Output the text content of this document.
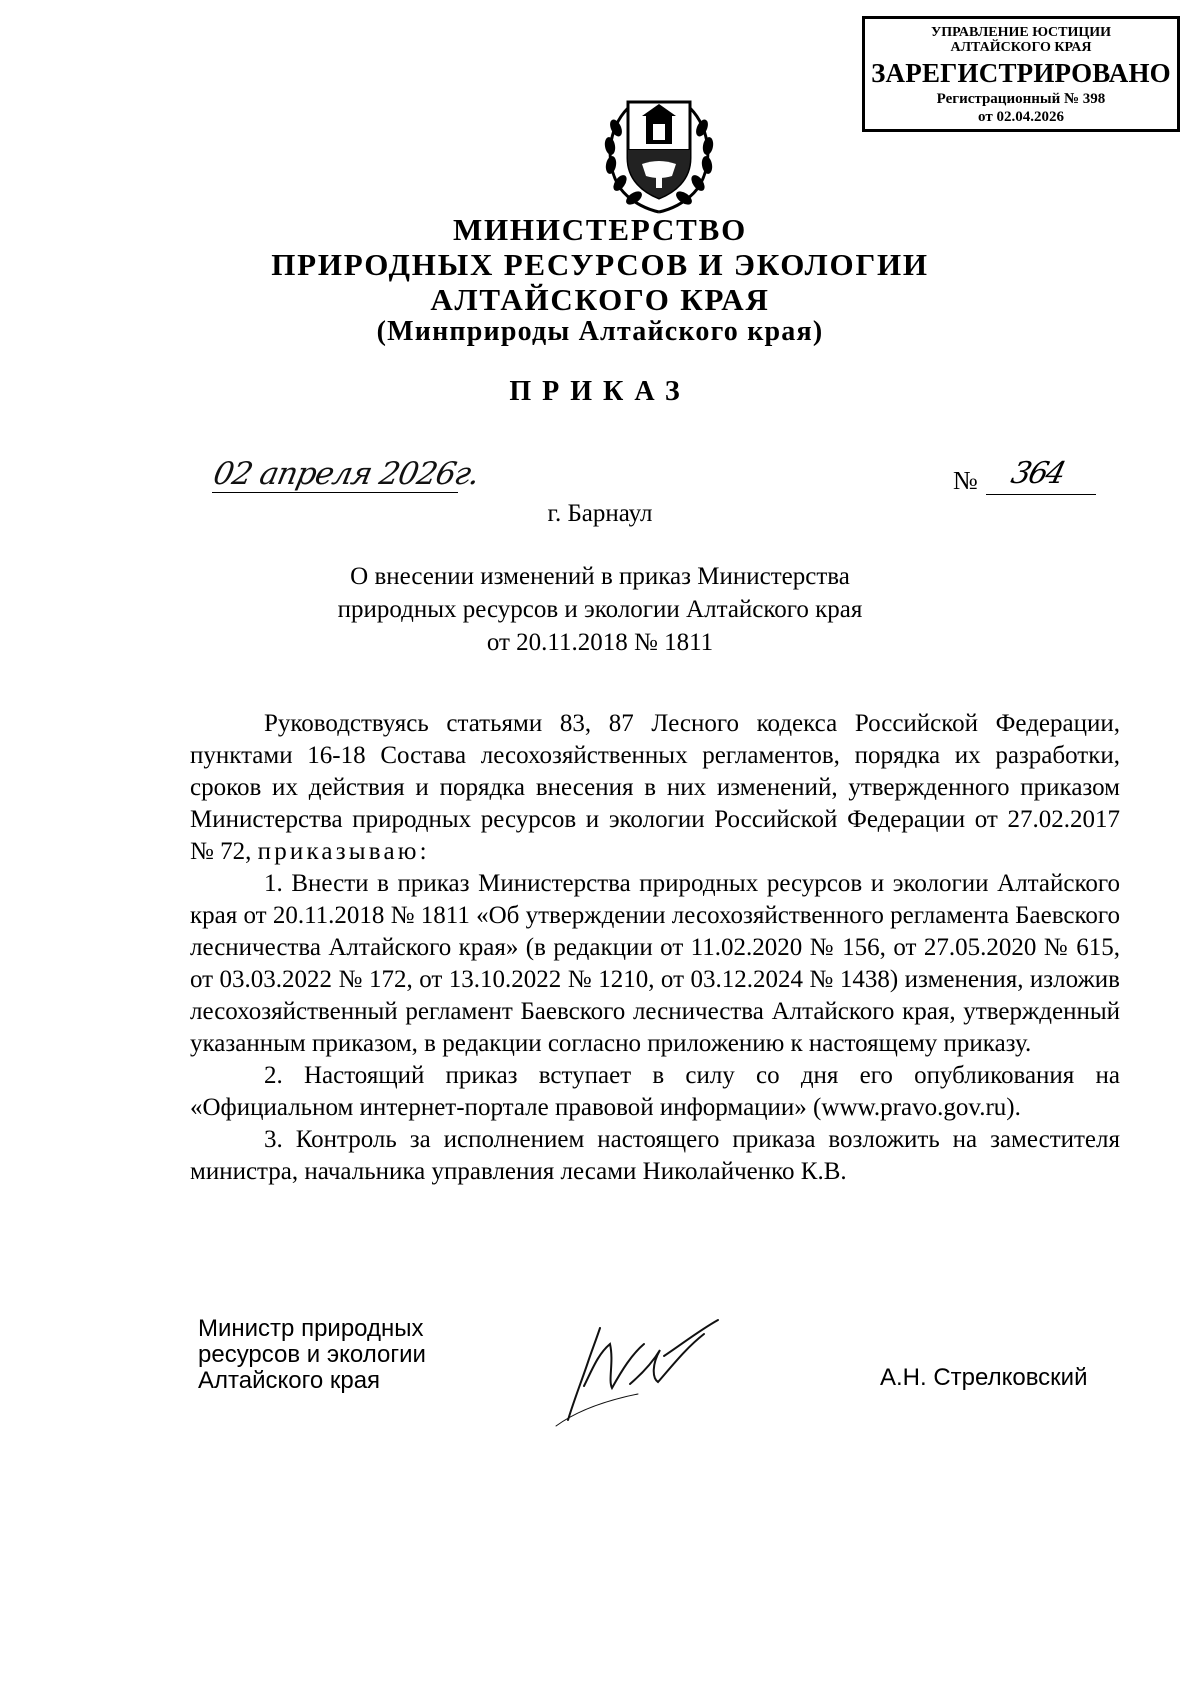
УПРАВЛЕНИЕ ЮСТИЦИИ
АЛТАЙСКОГО КРАЯ
ЗАРЕГИСТРИРОВАНО
Регистрационный № 398
от 02.04.2026
МИНИСТЕРСТВО
ПРИРОДНЫХ РЕСУРСОВ И ЭКОЛОГИИ
АЛТАЙСКОГО КРАЯ
(Минприроды Алтайского края)
ПРИКАЗ
02 апреля 2026г.	№ 364
г. Барнаул
О внесении изменений в приказ Министерства
природных ресурсов и экологии Алтайского края
от 20.11.2018 № 1811

Руководствуясь статьями 83, 87 Лесного кодекса Российской Федерации, пунктами 16-18 Состава лесохозяйственных регламентов, порядка их разработки, сроков их действия и порядка внесения в них изменений, утвержденного приказом Министерства природных ресурсов и экологии Российской Федерации от 27.02.2017 № 72, приказываю:

1. Внести в приказ Министерства природных ресурсов и экологии Алтайского края от 20.11.2018 № 1811 «Об утверждении лесохозяйственного регламента Баевского лесничества Алтайского края» (в редакции от 11.02.2020 № 156, от 27.05.2020 № 615, от 03.03.2022 № 172, от 13.10.2022 № 1210, от 03.12.2024 № 1438) изменения, изложив лесохозяйственный регламент Баевского лесничества Алтайского края, утвержденный указанным приказом, в редакции согласно приложению к настоящему приказу.

2. Настоящий приказ вступает в силу со дня его опубликования на «Официальном интернет-портале правовой информации» (www.pravo.gov.ru).

3. Контроль за исполнением настоящего приказа возложить на заместителя министра, начальника управления лесами Николайченко К.В.

Министр природных
ресурсов и экологии
Алтайского края	А.Н. Стрелковский
